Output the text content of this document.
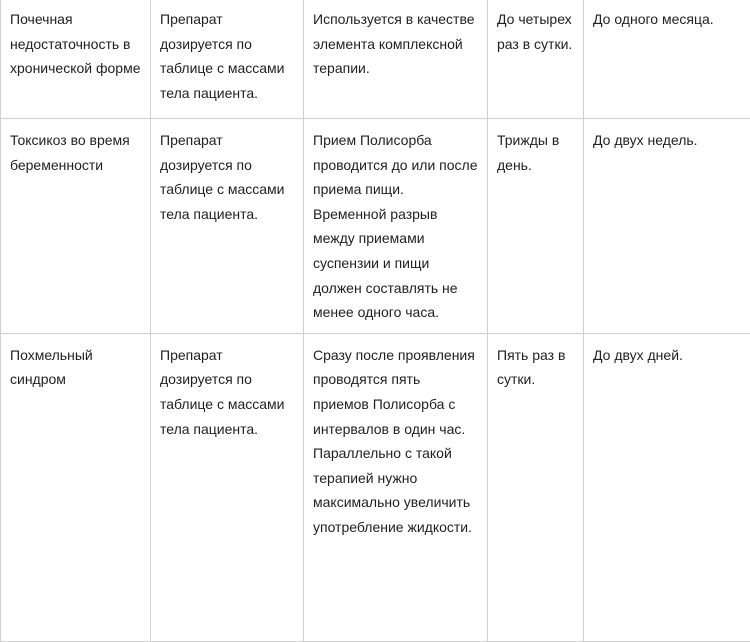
Почечная недостаточность в хронической форме	Препарат дозируется по таблице с массами тела пациента.	Используется в качестве элемента комплексной терапии.	До четырех раз в сутки.	До одного месяца.
Токсикоз во время беременности	Препарат дозируется по таблице с массами тела пациента.	Прием Полисорба проводится до или после приема пищи. Временной разрыв между приемами суспензии и пищи должен составлять не менее одного часа.	Трижды в день.	До двух недель.
Похмельный синдром	Препарат дозируется по таблице с массами тела пациента.	Сразу после проявления проводятся пять приемов Полисорба с интервалов в один час. Параллельно с такой терапией нужно максимально увеличить употребление жидкости.	Пять раз в сутки.	До двух дней.
